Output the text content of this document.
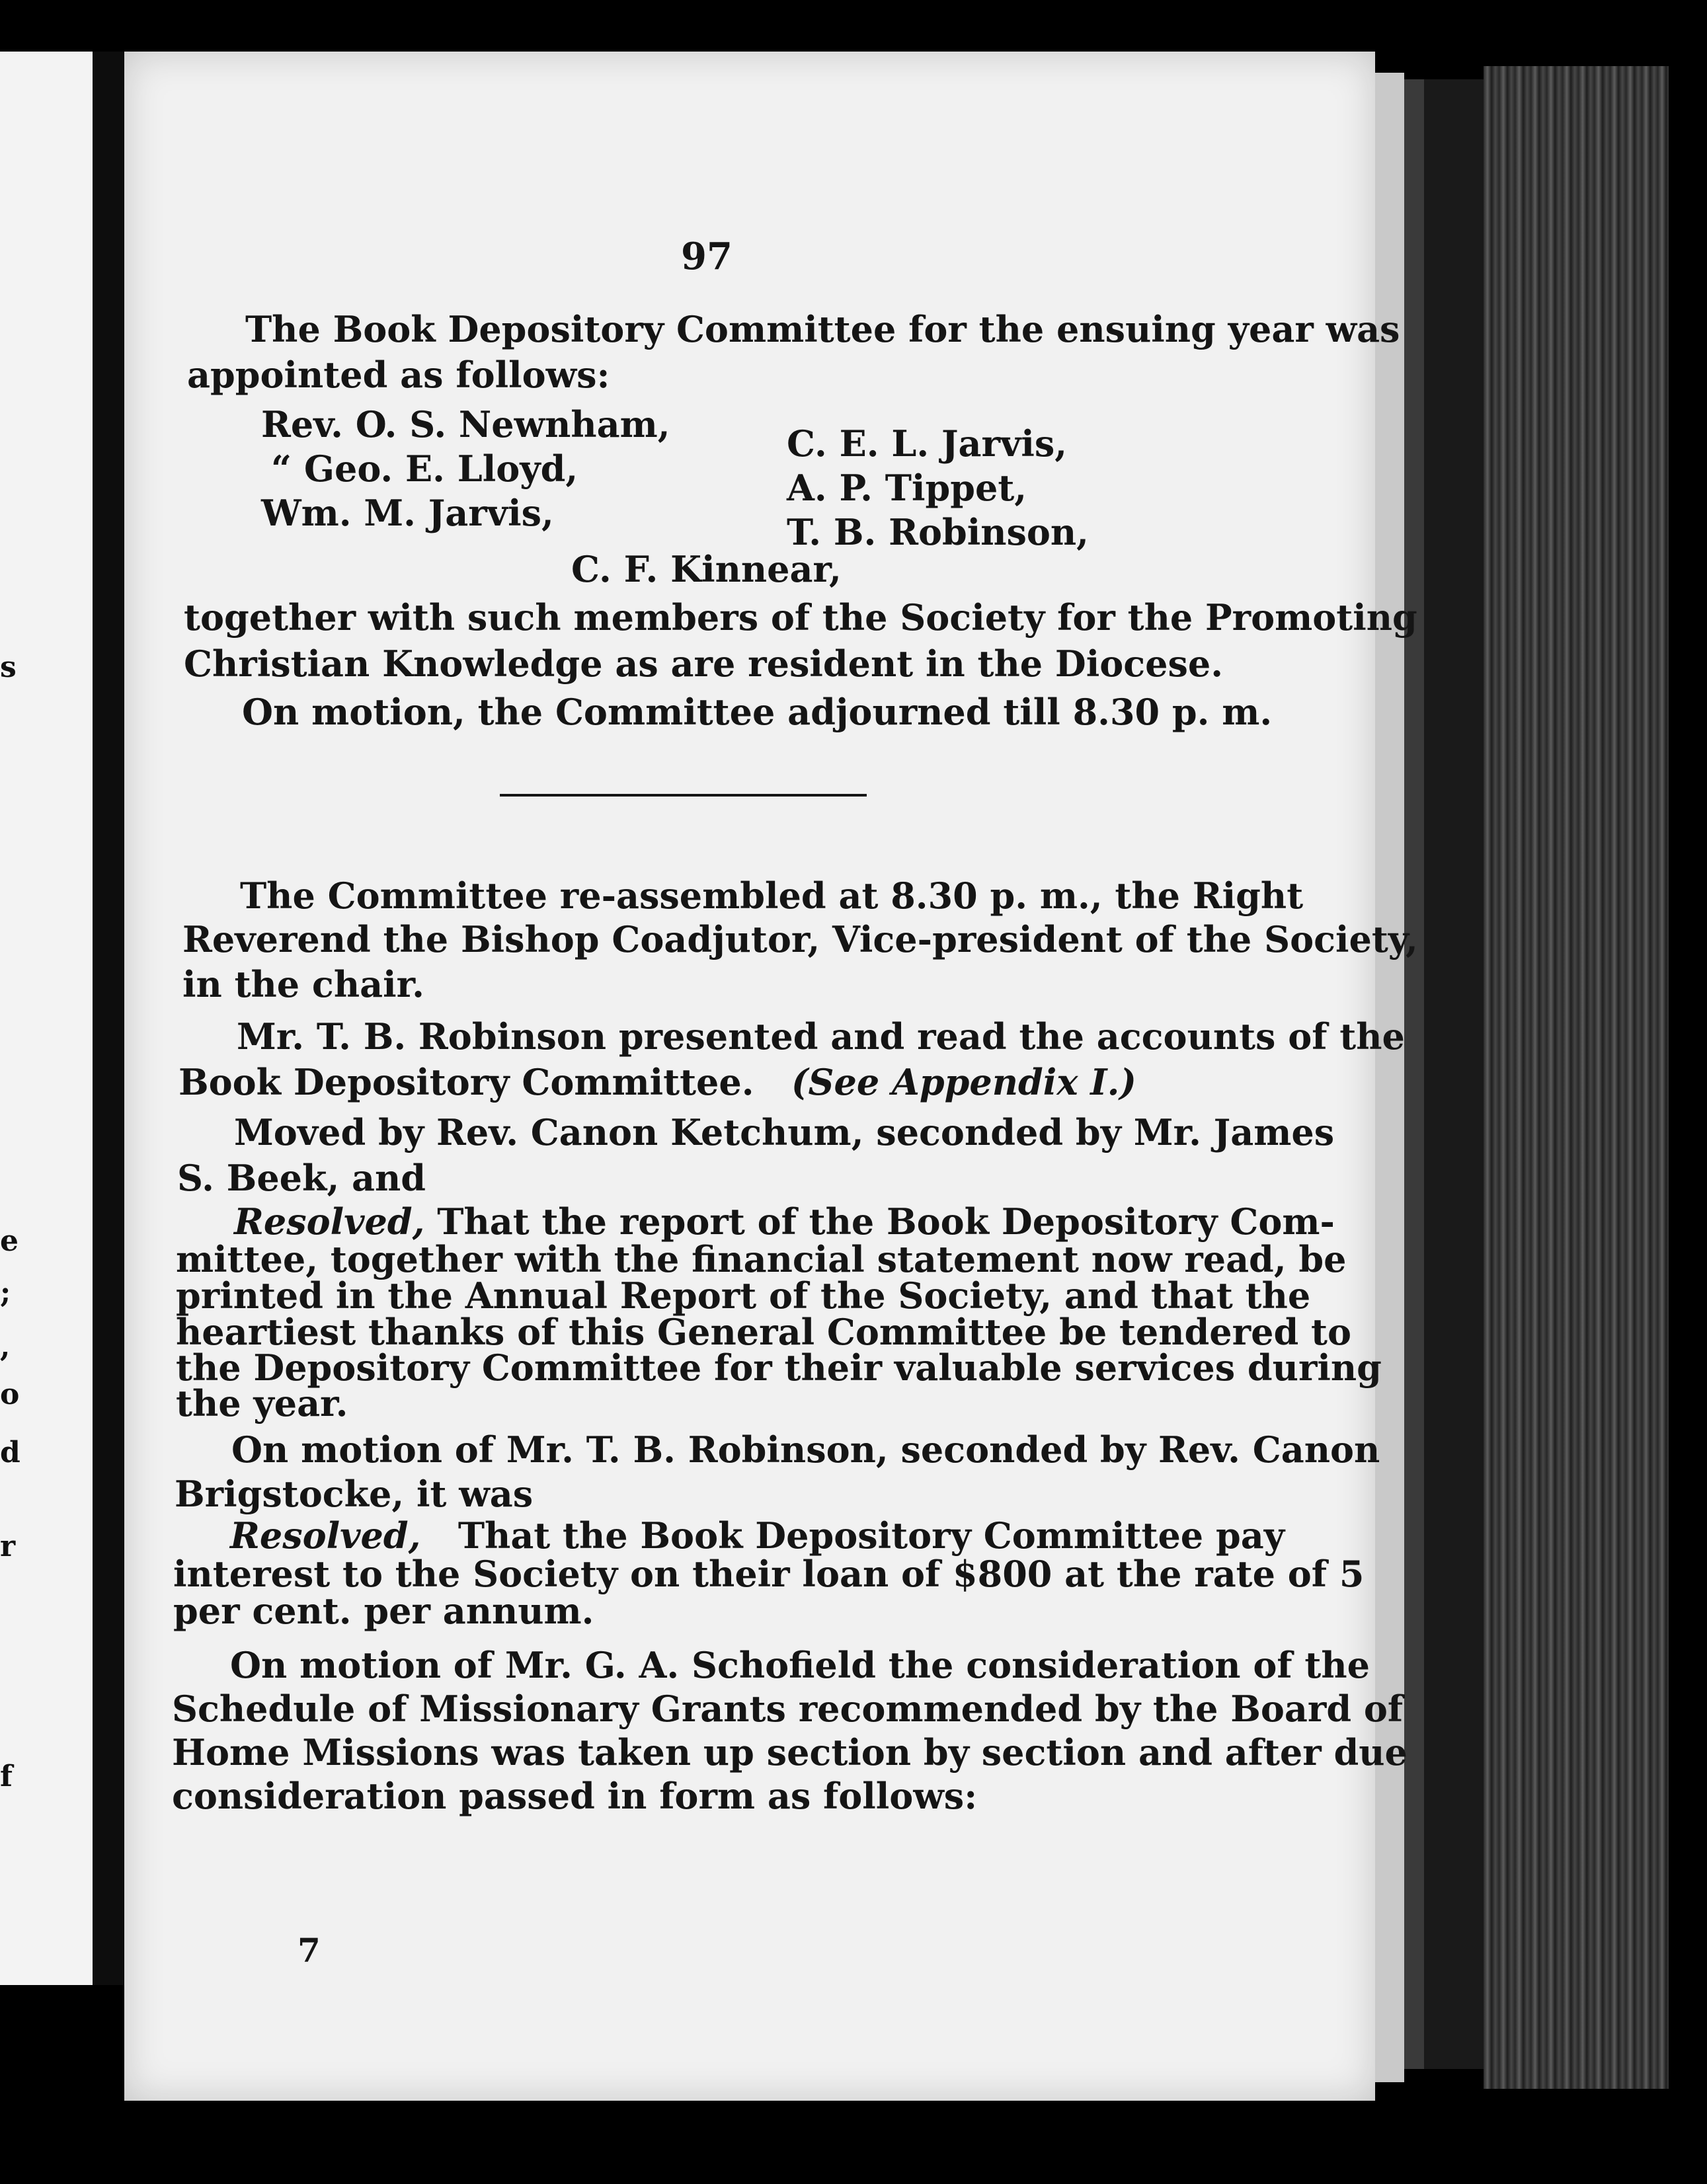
s
e
;
,
o
d
r
f
97
The Book Depository Committee for the ensuing year was
appointed as follows:
Rev. O. S. Newnham,
“ Geo. E. Lloyd,
Wm. M. Jarvis,
C. E. L. Jarvis,
A. P. Tippet,
T. B. Robinson,
C. F. Kinnear,
together with such members of the Society for the Promoting
Christian Knowledge as are resident in the Diocese.
On motion, the Committee adjourned till 8.30 p. m.
The Committee re-assembled at 8.30 p. m., the Right
Reverend the Bishop Coadjutor, Vice-president of the Society,
in the chair.
Mr. T. B. Robinson presented and read the accounts of the
Book Depository Committee. (See Appendix I.)
Moved by Rev. Canon Ketchum, seconded by Mr. James
S. Beek, and
Resolved, That the report of the Book Depository Com-
mittee, together with the financial statement now read, be
printed in the Annual Report of the Society, and that the
heartiest thanks of this General Committee be tendered to
the Depository Committee for their valuable services during
the year.
On motion of Mr. T. B. Robinson, seconded by Rev. Canon
Brigstocke, it was
Resolved, That the Book Depository Committee pay
interest to the Society on their loan of $800 at the rate of 5
per cent. per annum.
On motion of Mr. G. A. Schofield the consideration of the
Schedule of Missionary Grants recommended by the Board of
Home Missions was taken up section by section and after due
consideration passed in form as follows:
7
